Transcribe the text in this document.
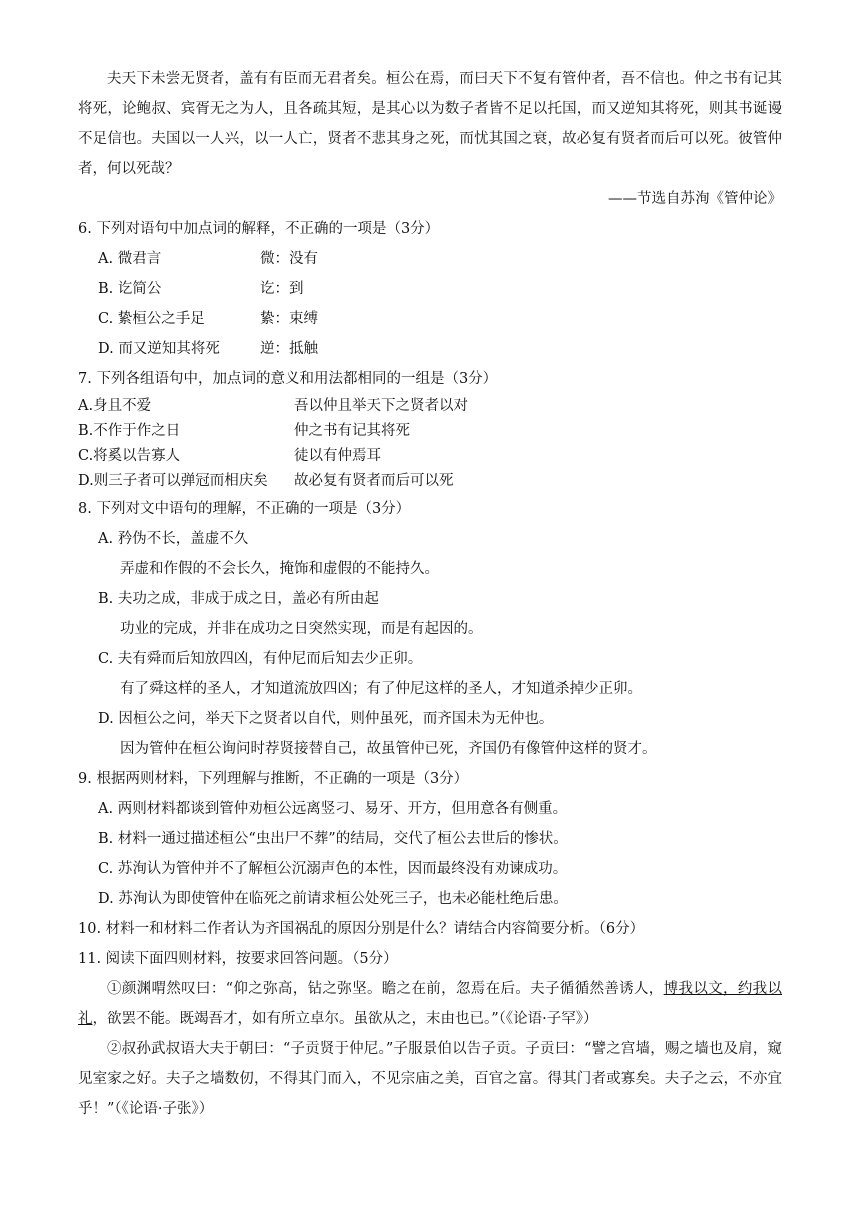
夫天下未尝无贤者，盖有有臣而无君者矣。桓公在焉，而曰天下不复有管仲者，吾不信也。仲之书有记其将死，论鲍叔、宾胥无之为人，且各疏其短，是其心以为数子者皆不足以托国，而又逆知其将死，则其书诞谩不足信也。夫国以一人兴，以一人亡，贤者不悲其身之死，而忧其国之衰，故必复有贤者而后可以死。彼管仲者，何以死哉？

——节选自苏洵《管仲论》

6. 下列对语句中加点词的解释，不正确的一项是（3分）

A. 微君言	微：没有
B. 讫简公	讫：到
C. 絷桓公之手足	絷：束缚
D. 而又逆知其将死	逆：抵触

7. 下列各组语句中，加点词的意义和用法都相同的一组是（3分）

A.身且不爱	吾以仲且举天下之贤者以对
B.不作于作之日	仲之书有记其将死
C.将奚以告寡人	徒以有仲焉耳
D.则三子者可以弹冠而相庆矣	故必复有贤者而后可以死

8. 下列对文中语句的理解，不正确的一项是（3分）

A. 矜伪不长，盖虚不久

弄虚和作假的不会长久，掩饰和虚假的不能持久。

B. 夫功之成，非成于成之日，盖必有所由起

功业的完成，并非在成功之日突然实现，而是有起因的。

C. 夫有舜而后知放四凶，有仲尼而后知去少正卯。

有了舜这样的圣人，才知道流放四凶；有了仲尼这样的圣人，才知道杀掉少正卯。

D. 因桓公之问，举天下之贤者以自代，则仲虽死，而齐国未为无仲也。

因为管仲在桓公询问时荐贤接替自己，故虽管仲已死，齐国仍有像管仲这样的贤才。

9. 根据两则材料，下列理解与推断，不正确的一项是（3分）

A. 两则材料都谈到管仲劝桓公远离竖刁、易牙、开方，但用意各有侧重。

B. 材料一通过描述桓公“虫出尸不葬”的结局，交代了桓公去世后的惨状。

C. 苏洵认为管仲并不了解桓公沉溺声色的本性，因而最终没有劝谏成功。

D. 苏洵认为即使管仲在临死之前请求桓公处死三子，也未必能杜绝后患。

10. 材料一和材料二作者认为齐国祸乱的原因分别是什么？请结合内容简要分析。（6分）

11. 阅读下面四则材料，按要求回答问题。（5分）

①颜渊喟然叹曰：“仰之弥高，钻之弥坚。瞻之在前，忽焉在后。夫子循循然善诱人，博我以文，约我以礼，欲罢不能。既竭吾才，如有所立卓尔。虽欲从之，末由也已。”（《论语·子罕》）

②叔孙武叔语大夫于朝曰：“子贡贤于仲尼。”子服景伯以告子贡。子贡曰：“譬之宫墙，赐之墙也及肩，窥见室家之好。夫子之墙数仞，不得其门而入，不见宗庙之美，百官之富。得其门者或寡矣。夫子之云，不亦宜乎！”（《论语·子张》）
